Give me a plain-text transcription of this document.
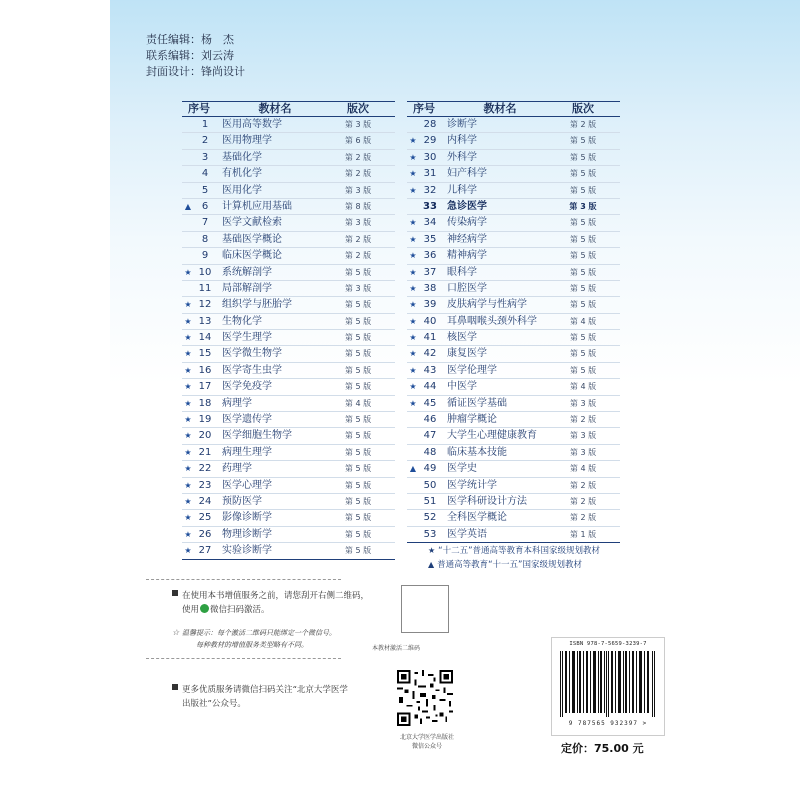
责任编辑：杨　杰
联系编辑：刘云涛
封面设计：锋尚设计
序号	教材名	版次
1	医用高等数学	第 3 版
2	医用物理学	第 6 版
3	基础化学	第 2 版
4	有机化学	第 2 版
5	医用化学	第 3 版
▲	6	计算机应用基础	第 8 版
7	医学文献检索	第 3 版
8	基础医学概论	第 2 版
9	临床医学概论	第 2 版
★ 10	系统解剖学	第 5 版
11	局部解剖学	第 3 版
★ 12	组织学与胚胎学	第 5 版
★ 13	生物化学	第 5 版
★ 14	医学生理学	第 5 版
★ 15	医学微生物学	第 5 版
★ 16	医学寄生虫学	第 5 版
★ 17	医学免疫学	第 5 版
★ 18	病理学	第 4 版
★ 19	医学遗传学	第 5 版
★ 20	医学细胞生物学	第 5 版
★ 21	病理生理学	第 5 版
★ 22	药理学	第 5 版
★ 23	医学心理学	第 5 版
★ 24	预防医学	第 5 版
★ 25	影像诊断学	第 5 版
★ 26	物理诊断学	第 5 版
★ 27	实验诊断学	第 5 版
序号	教材名	版次
28	诊断学	第 2 版
★ 29	内科学	第 5 版
★ 30	外科学	第 5 版
★ 31	妇产科学	第 5 版
★ 32	儿科学	第 5 版
33	急诊医学	第 3 版
★ 34	传染病学	第 5 版
★ 35	神经病学	第 5 版
★ 36	精神病学	第 5 版
★ 37	眼科学	第 5 版
★ 38	口腔医学	第 5 版
★ 39	皮肤病学与性病学	第 5 版
★ 40	耳鼻咽喉头颈外科学	第 4 版
★ 41	核医学	第 5 版
★ 42	康复医学	第 5 版
★ 43	医学伦理学	第 5 版
★ 44	中医学	第 4 版
★ 45	循证医学基础	第 3 版
46	肿瘤学概论	第 2 版
47	大学生心理健康教育	第 3 版
48	临床基本技能	第 3 版
▲ 49	医学史	第 4 版
50	医学统计学	第 2 版
51	医学科研设计方法	第 2 版
52	全科医学概论	第 2 版
53	医学英语	第 1 版
★ “十二五”普通高等教育本科国家级规划教材
▲ 普通高等教育“十一五”国家级规划教材
在使用本书增值服务之前，请您刮开右侧二维码，
使用 微信扫码激活。
☆ 温馨提示：每个激活二维码只能绑定一个微信号。
每种教材的增值服务类型略有不同。
更多优质服务请微信扫码关注“北京大学医学
出版社”公众号。
本教材激活二维码
北京大学医学出版社
微信公众号
ISBN 978-7-5659-3239-7
9 787565 932397 >
定价：75.00 元
